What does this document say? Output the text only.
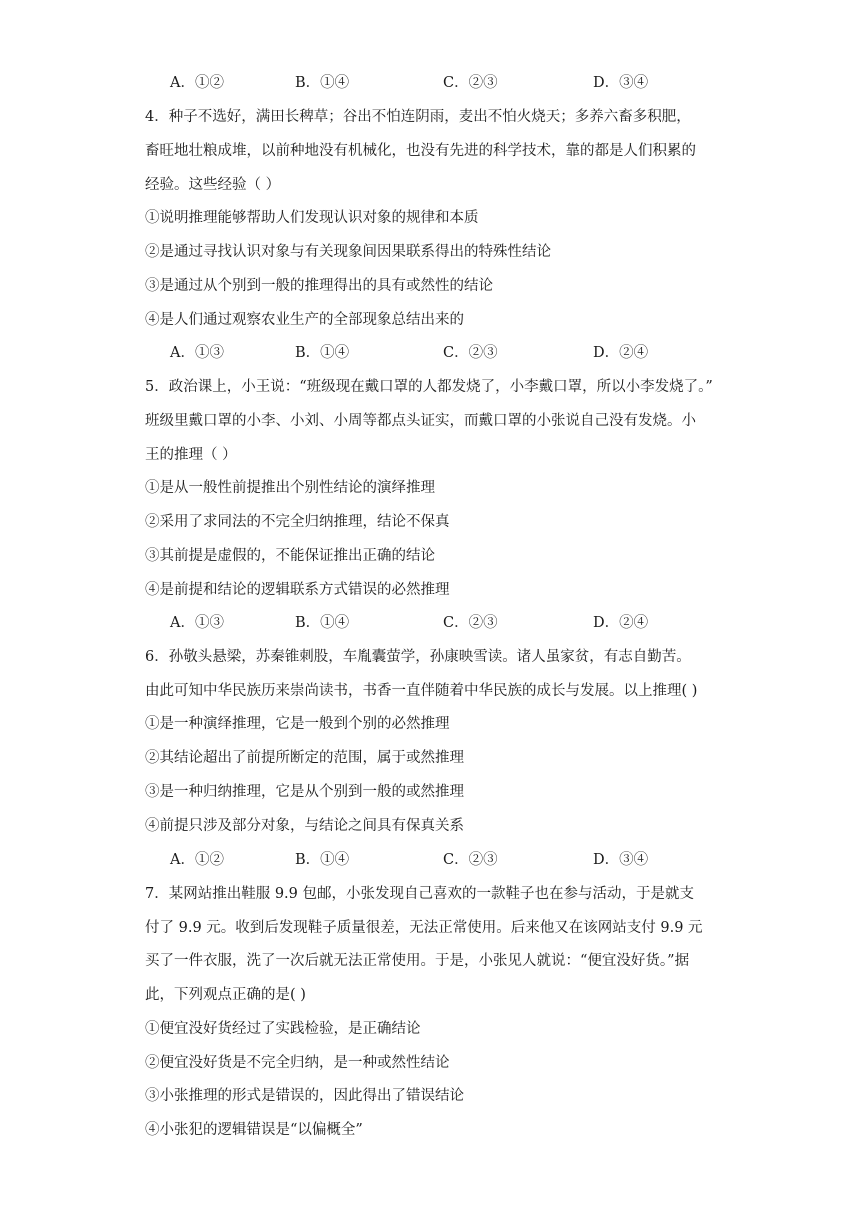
A．①②	B．①④	C．②③	D．③④
4．种子不选好，满田长稗草；谷出不怕连阴雨，麦出不怕火烧天；多养六畜多积肥，
畜旺地壮粮成堆，以前种地没有机械化，也没有先进的科学技术，靠的都是人们积累的
经验。这些经验（ ）
①说明推理能够帮助人们发现认识对象的规律和本质
②是通过寻找认识对象与有关现象间因果联系得出的特殊性结论
③是通过从个别到一般的推理得出的具有或然性的结论
④是人们通过观察农业生产的全部现象总结出来的
A．①③	B．①④	C．②③	D．②④
5．政治课上，小王说：“班级现在戴口罩的人都发烧了，小李戴口罩，所以小李发烧了。”
班级里戴口罩的小李、小刘、小周等都点头证实，而戴口罩的小张说自己没有发烧。小
王的推理（ ）
①是从一般性前提推出个别性结论的演绎推理
②采用了求同法的不完全归纳推理，结论不保真
③其前提是虚假的，不能保证推出正确的结论
④是前提和结论的逻辑联系方式错误的必然推理
A．①③	B．①④	C．②③	D．②④
6．孙敬头悬梁，苏秦锥刺股，车胤囊萤学，孙康映雪读。诸人虽家贫，有志自勤苦。
由此可知中华民族历来崇尚读书，书香一直伴随着中华民族的成长与发展。以上推理( )
①是一种演绎推理，它是一般到个别的必然推理
②其结论超出了前提所断定的范围，属于或然推理
③是一种归纳推理，它是从个别到一般的或然推理
④前提只涉及部分对象，与结论之间具有保真关系
A．①②	B．①④	C．②③	D．③④
7．某网站推出鞋服 9.9 包邮，小张发现自己喜欢的一款鞋子也在参与活动，于是就支
付了 9.9 元。收到后发现鞋子质量很差，无法正常使用。后来他又在该网站支付 9.9 元
买了一件衣服，洗了一次后就无法正常使用。于是，小张见人就说：“便宜没好货。”据
此，下列观点正确的是( )
①便宜没好货经过了实践检验，是正确结论
②便宜没好货是不完全归纳，是一种或然性结论
③小张推理的形式是错误的，因此得出了错误结论
④小张犯的逻辑错误是“以偏概全”
